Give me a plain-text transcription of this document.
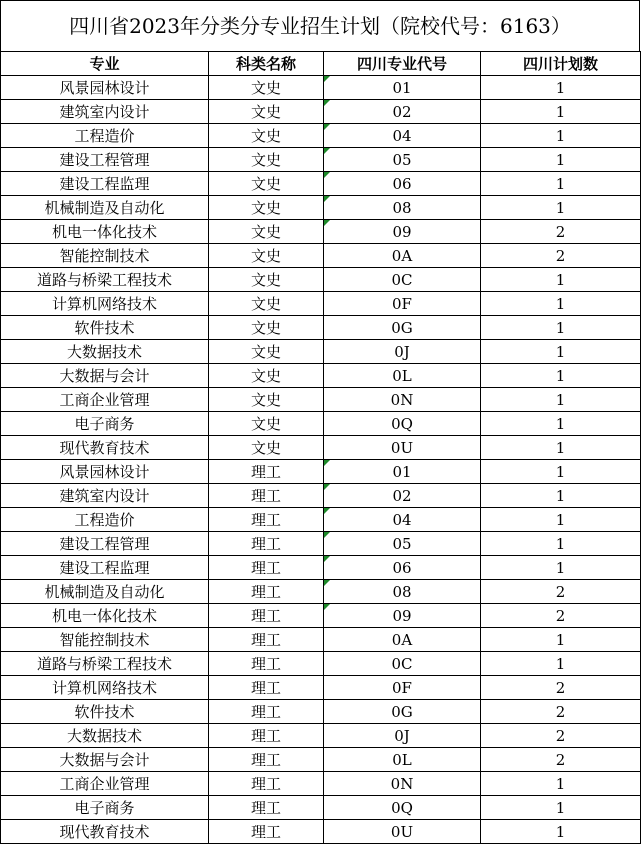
四川省2023年分类分专业招生计划（院校代号：6163）
专业	科类名称	四川专业代号	四川计划数
风景园林设计	文史	01	1
建筑室内设计	文史	02	1
工程造价	文史	04	1
建设工程管理	文史	05	1
建设工程监理	文史	06	1
机械制造及自动化	文史	08	1
机电一体化技术	文史	09	2
智能控制技术	文史	0A	2
道路与桥梁工程技术	文史	0C	1
计算机网络技术	文史	0F	1
软件技术	文史	0G	1
大数据技术	文史	0J	1
大数据与会计	文史	0L	1
工商企业管理	文史	0N	1
电子商务	文史	0Q	1
现代教育技术	文史	0U	1
风景园林设计	理工	01	1
建筑室内设计	理工	02	1
工程造价	理工	04	1
建设工程管理	理工	05	1
建设工程监理	理工	06	1
机械制造及自动化	理工	08	2
机电一体化技术	理工	09	2
智能控制技术	理工	0A	1
道路与桥梁工程技术	理工	0C	1
计算机网络技术	理工	0F	2
软件技术	理工	0G	2
大数据技术	理工	0J	2
大数据与会计	理工	0L	2
工商企业管理	理工	0N	1
电子商务	理工	0Q	1
现代教育技术	理工	0U	1
